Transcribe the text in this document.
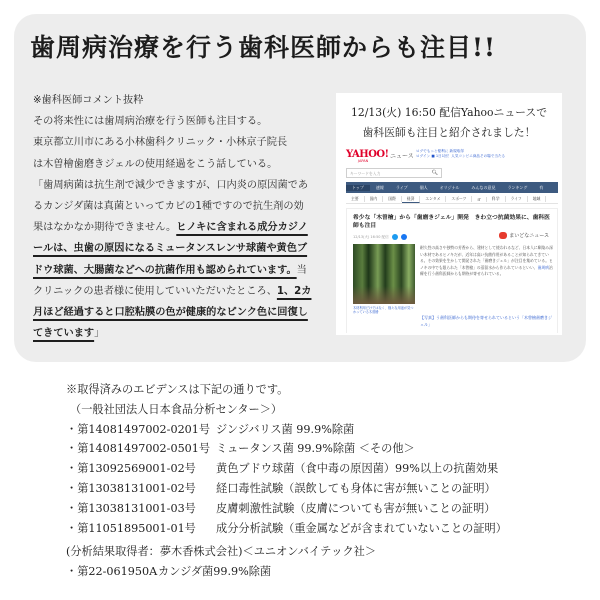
歯周病治療を行う歯科医師からも注目!!
※歯科医師コメント抜粋
その将来性には歯周病治療を行う医師も注目する。
東京都立川市にある小林歯科クリニック・小林京子院長
は木曽檜歯磨きジェルの使用経過をこう話している。
「歯周病菌は抗生剤で減少できますが、口内炎の原因菌であるカンジダ菌は真菌といってカビの1種ですので抗生剤の効果はなかなか期待できません。ヒノキに含まれる成分カジノールは、虫歯の原因になるミュータンスレンサ球菌や黄色ブドウ球菌、大腸菌などへの抗菌作用も認められています。当クリニックの患者様に使用していいただいたところ、1、2カ月ほど経過すると口腔粘膜の色が健康的なピンク色に回復してきています」
12/13(火) 16:50 配信Yahooニュースで
歯科医師も注目と紹介されました！
YAHOO!
JAPAN
ニュース
ログでもっと便利に 新規取得
ログイン ■ 1日1回！人気コンビニ商品その場で当たる
キーワードを入力	🔍︎
トップ	速報	ライブ	個人	オリジナル	みんなの意見	ランキング	有
主要	国内	国際	経済	エンタメ	スポーツ	IT	科学	ライフ	地域
希少な「木曽檜」から「歯磨きジェル」開発　きわ立つ抗菌効果に、歯科医師も注目
12/13(火) 16:50 配信	まいどなニュース
木材利用だけではなく、様々な用途が見つかっている木曽檜
耐久性の高さや独特の芳香から、建材として使われるなど、日本人に馴染み深い木材であるヒノキだが、近年は高い抗菌作用があることが知られてきている。その効果を生かして開発された「歯磨きジェル」が注目を集めている。ヒノキの中でも限られた「木曽檜」の蒸留水から作られているといい、歯周病治療を行う歯科医師からも期待が寄せられている。
【写真】う歯科医師からも期待を寄せられているという「木曽檜歯磨きジェル」
※取得済みのエビデンスは下記の通りです。
（一般社団法人日本食品分析センター＞）
・第14081497002-0201号 ジンジバリス菌 99.9%除菌
・第14081497002-0501号 ミュータンス菌 99.9%除菌 ＜その他＞
・第13092569001-02号 黄色ブドウ球菌（食中毒の原因菌）99%以上の抗菌効果
・第13038131001-02号 経口毒性試験（誤飲しても身体に害が無いことの証明）
・第13038131001-03号 皮膚刺激性試験（皮膚についても害が無いことの証明）
・第11051895001-01号 成分分析試験（重金属などが含まれていないことの証明）
(分析結果取得者：夢木香株式会社)＜ユニオンバイテック社＞
・第22-061950Aカンジダ菌99.9%除菌
